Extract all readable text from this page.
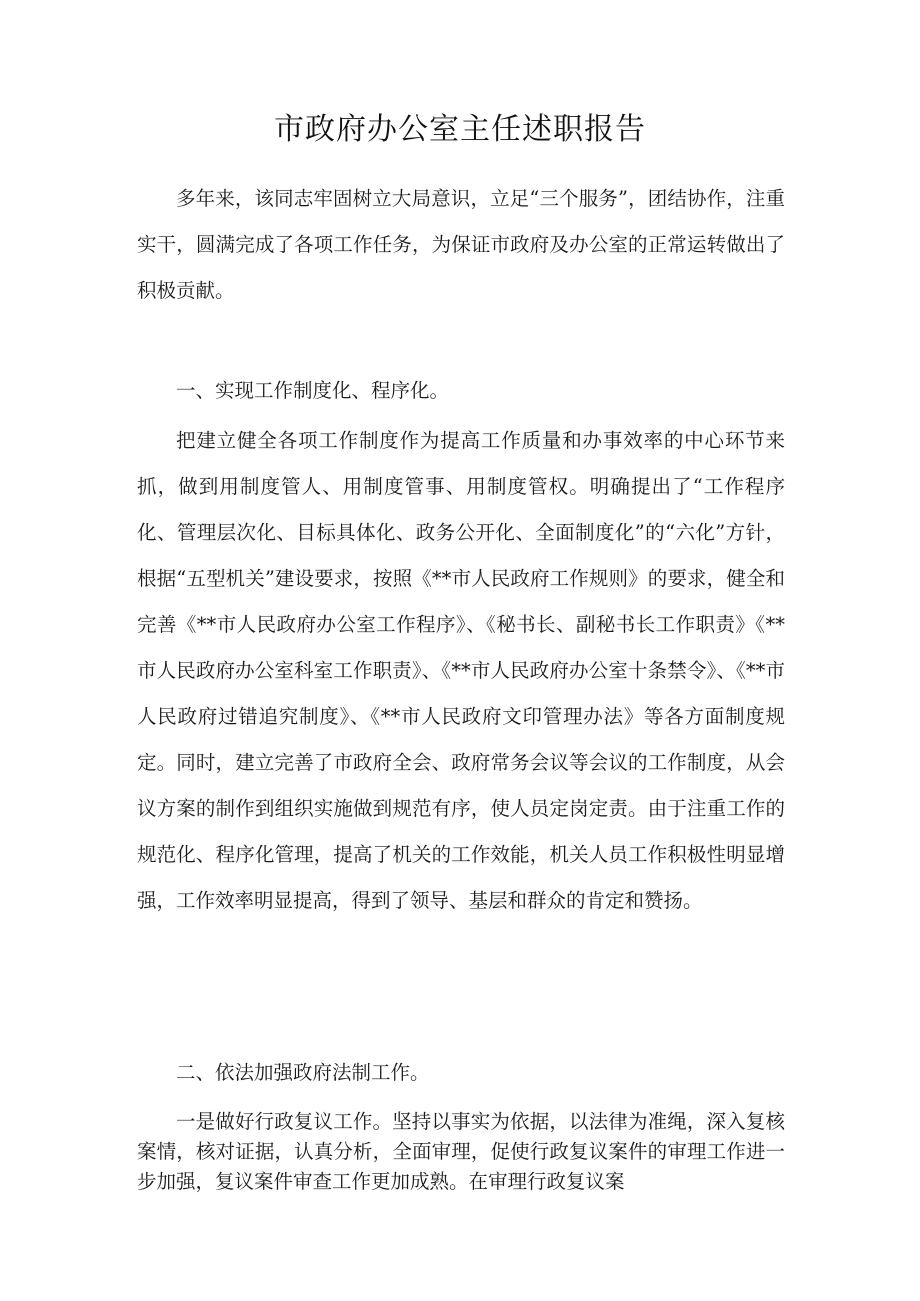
市政府办公室主任述职报告

多年来，该同志牢固树立大局意识，立足“三个服务”，团结协作，注重实干，圆满完成了各项工作任务，为保证市政府及办公室的正常运转做出了积极贡献。

一、实现工作制度化、程序化。

把建立健全各项工作制度作为提高工作质量和办事效率的中心环节来抓，做到用制度管人、用制度管事、用制度管权。明确提出了“工作程序化、管理层次化、目标具体化、政务公开化、全面制度化”的“六化”方针，根据“五型机关”建设要求，按照《**市人民政府工作规则》的要求，健全和完善《**市人民政府办公室工作程序》、《秘书长、副秘书长工作职责》《**市人民政府办公室科室工作职责》、《**市人民政府办公室十条禁令》、《**市人民政府过错追究制度》、《**市人民政府文印管理办法》等各方面制度规定。同时，建立完善了市政府全会、政府常务会议等会议的工作制度，从会议方案的制作到组织实施做到规范有序，使人员定岗定责。由于注重工作的规范化、程序化管理，提高了机关的工作效能，机关人员工作积极性明显增强，工作效率明显提高，得到了领导、基层和群众的肯定和赞扬。

二、依法加强政府法制工作。

一是做好行政复议工作。坚持以事实为依据，以法律为准绳，深入复核案情，核对证据，认真分析，全面审理，促使行政复议案件的审理工作进一步加强，复议案件审查工作更加成熟。在审理行政复议案
